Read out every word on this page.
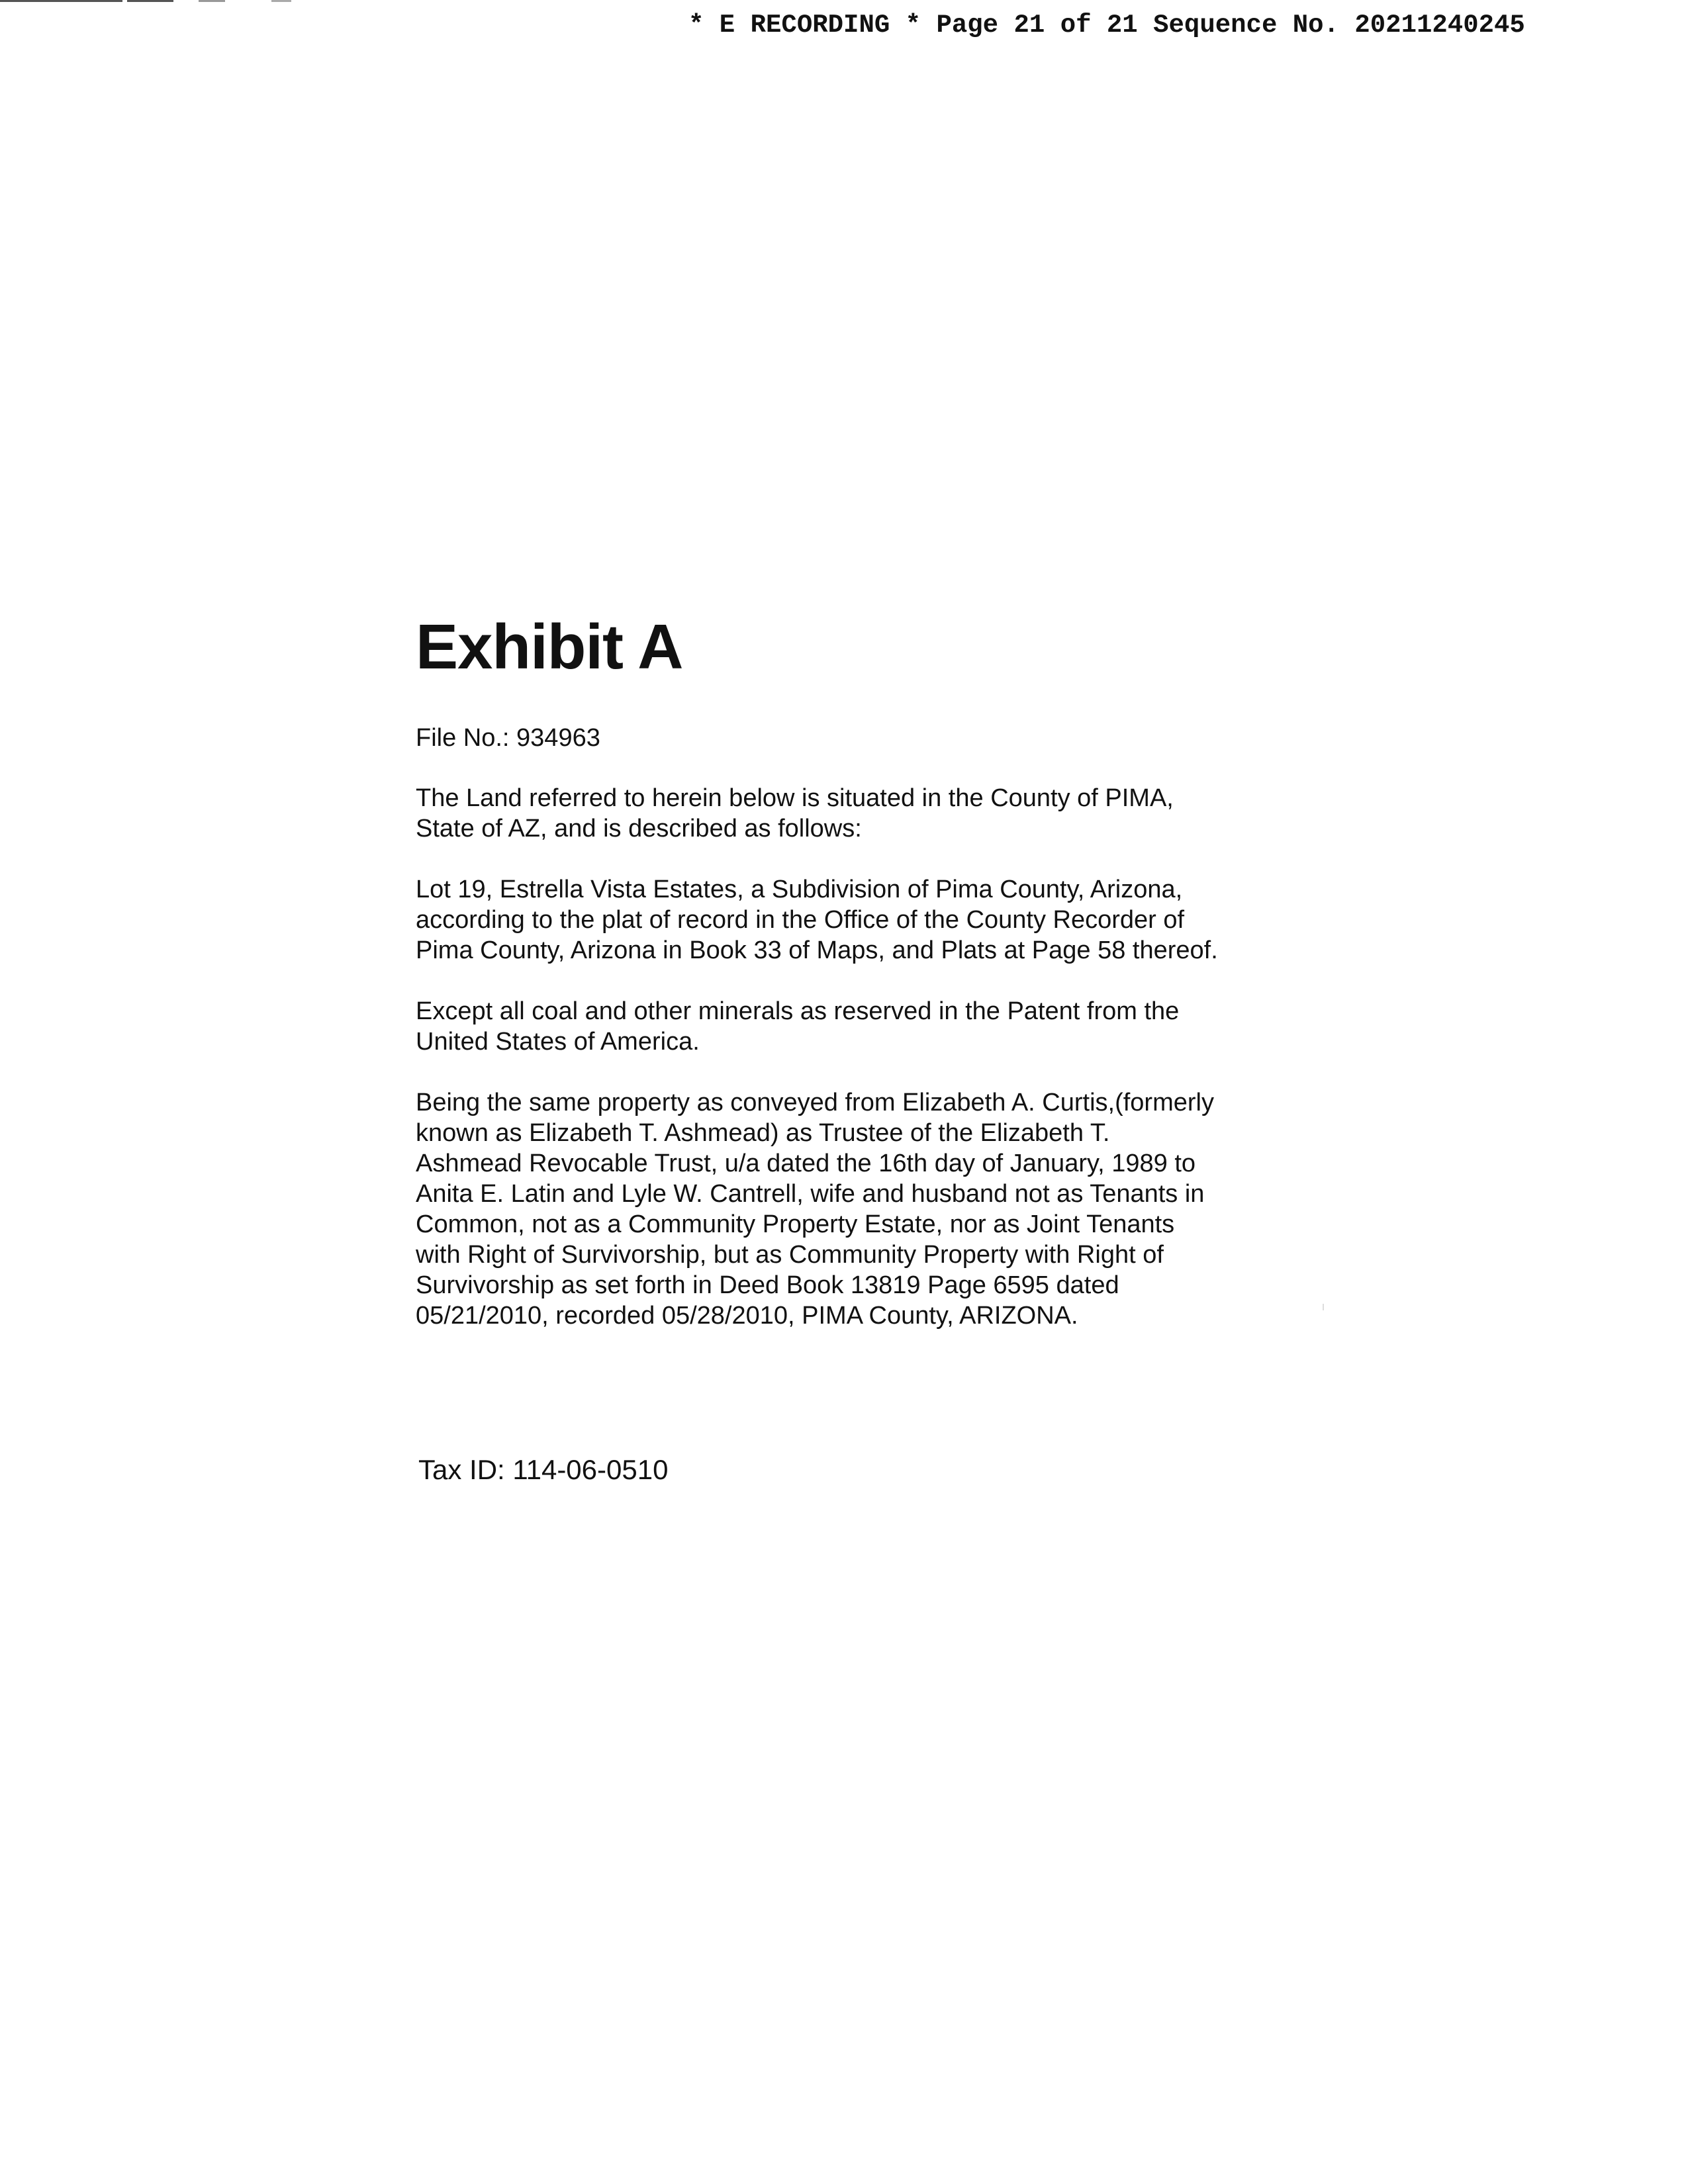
* E RECORDING * Page 21 of 21 Sequence No. 20211240245
Exhibit A
File No.: 934963
The Land referred to herein below is situated in the County of PIMA,
State of AZ, and is described as follows:
Lot 19, Estrella Vista Estates, a Subdivision of Pima County, Arizona,
according to the plat of record in the Office of the County Recorder of
Pima County, Arizona in Book 33 of Maps, and Plats at Page 58 thereof.
Except all coal and other minerals as reserved in the Patent from the
United States of America.
Being the same property as conveyed from Elizabeth A. Curtis,(formerly
known as Elizabeth T. Ashmead) as Trustee of the Elizabeth T.
Ashmead Revocable Trust, u/a dated the 16th day of January, 1989 to
Anita E. Latin and Lyle W. Cantrell, wife and husband not as Tenants in
Common, not as a Community Property Estate, nor as Joint Tenants
with Right of Survivorship, but as Community Property with Right of
Survivorship as set forth in Deed Book 13819 Page 6595 dated
05/21/2010, recorded 05/28/2010, PIMA County, ARIZONA.
Tax ID: 114-06-0510
